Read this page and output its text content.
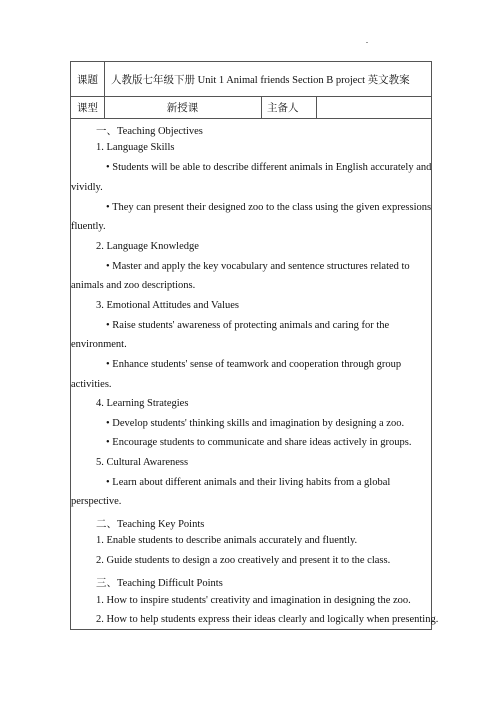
课题	人教版七年级下册 Unit 1 Animal friends Section B project 英文教案
课型	新授课	主备人
一、Teaching Objectives
1. Language Skills
• Students will be able to describe different animals in English accurately and
vividly.
• They can present their designed zoo to the class using the given expressions
fluently.
2. Language Knowledge
• Master and apply the key vocabulary and sentence structures related to
animals and zoo descriptions.
3. Emotional Attitudes and Values
• Raise students' awareness of protecting animals and caring for the
environment.
• Enhance students' sense of teamwork and cooperation through group
activities.
4. Learning Strategies
• Develop students' thinking skills and imagination by designing a zoo.
• Encourage students to communicate and share ideas actively in groups.
5. Cultural Awareness
• Learn about different animals and their living habits from a global
perspective.
二、Teaching Key Points
1. Enable students to describe animals accurately and fluently.
2. Guide students to design a zoo creatively and present it to the class.
三、Teaching Difficult Points
1. How to inspire students' creativity and imagination in designing the zoo.
2. How to help students express their ideas clearly and logically when presenting.
